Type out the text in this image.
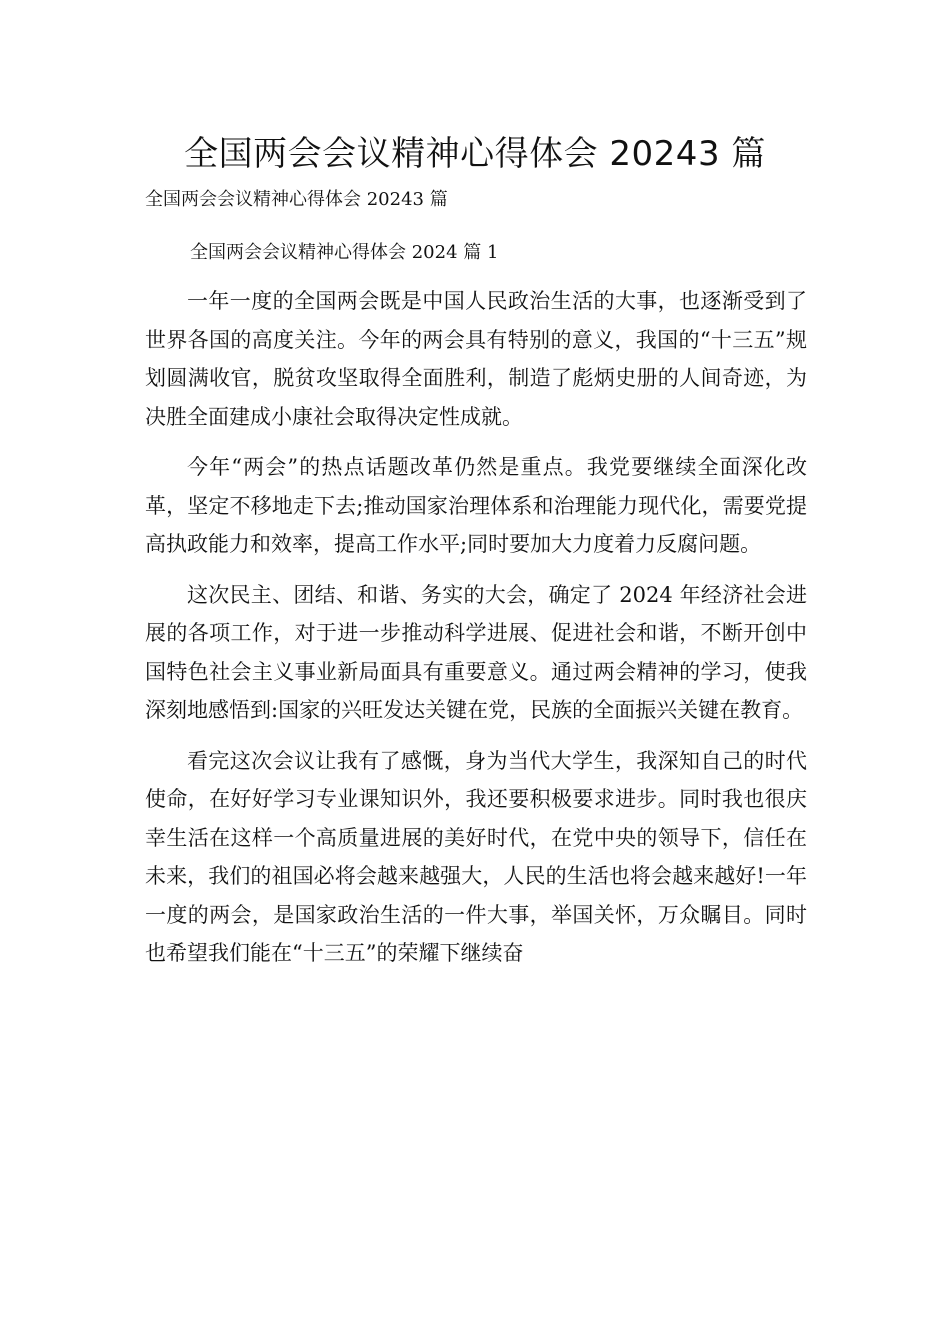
全国两会会议精神心得体会 20243 篇

全国两会会议精神心得体会 20243 篇

全国两会会议精神心得体会 2024 篇 1

一年一度的全国两会既是中国人民政治生活的大事，也逐渐受到了世界各国的高度关注。今年的两会具有特别的意义，我国的“十三五”规划圆满收官，脱贫攻坚取得全面胜利，制造了彪炳史册的人间奇迹，为决胜全面建成小康社会取得决定性成就。

今年“两会”的热点话题改革仍然是重点。我党要继续全面深化改革，坚定不移地走下去;推动国家治理体系和治理能力现代化，需要党提高执政能力和效率，提高工作水平;同时要加大力度着力反腐问题。

这次民主、团结、和谐、务实的大会，确定了 2024 年经济社会进展的各项工作，对于进一步推动科学进展、促进社会和谐，不断开创中国特色社会主义事业新局面具有重要意义。通过两会精神的学习，使我深刻地感悟到:国家的兴旺发达关键在党，民族的全面振兴关键在教育。

看完这次会议让我有了感慨，身为当代大学生，我深知自己的时代使命，在好好学习专业课知识外，我还要积极要求进步。同时我也很庆幸生活在这样一个高质量进展的美好时代，在党中央的领导下，信任在未来，我们的祖国必将会越来越强大，人民的生活也将会越来越好!一年一度的两会，是国家政治生活的一件大事，举国关怀，万众瞩目。同时也希望我们能在“十三五”的荣耀下继续奋
